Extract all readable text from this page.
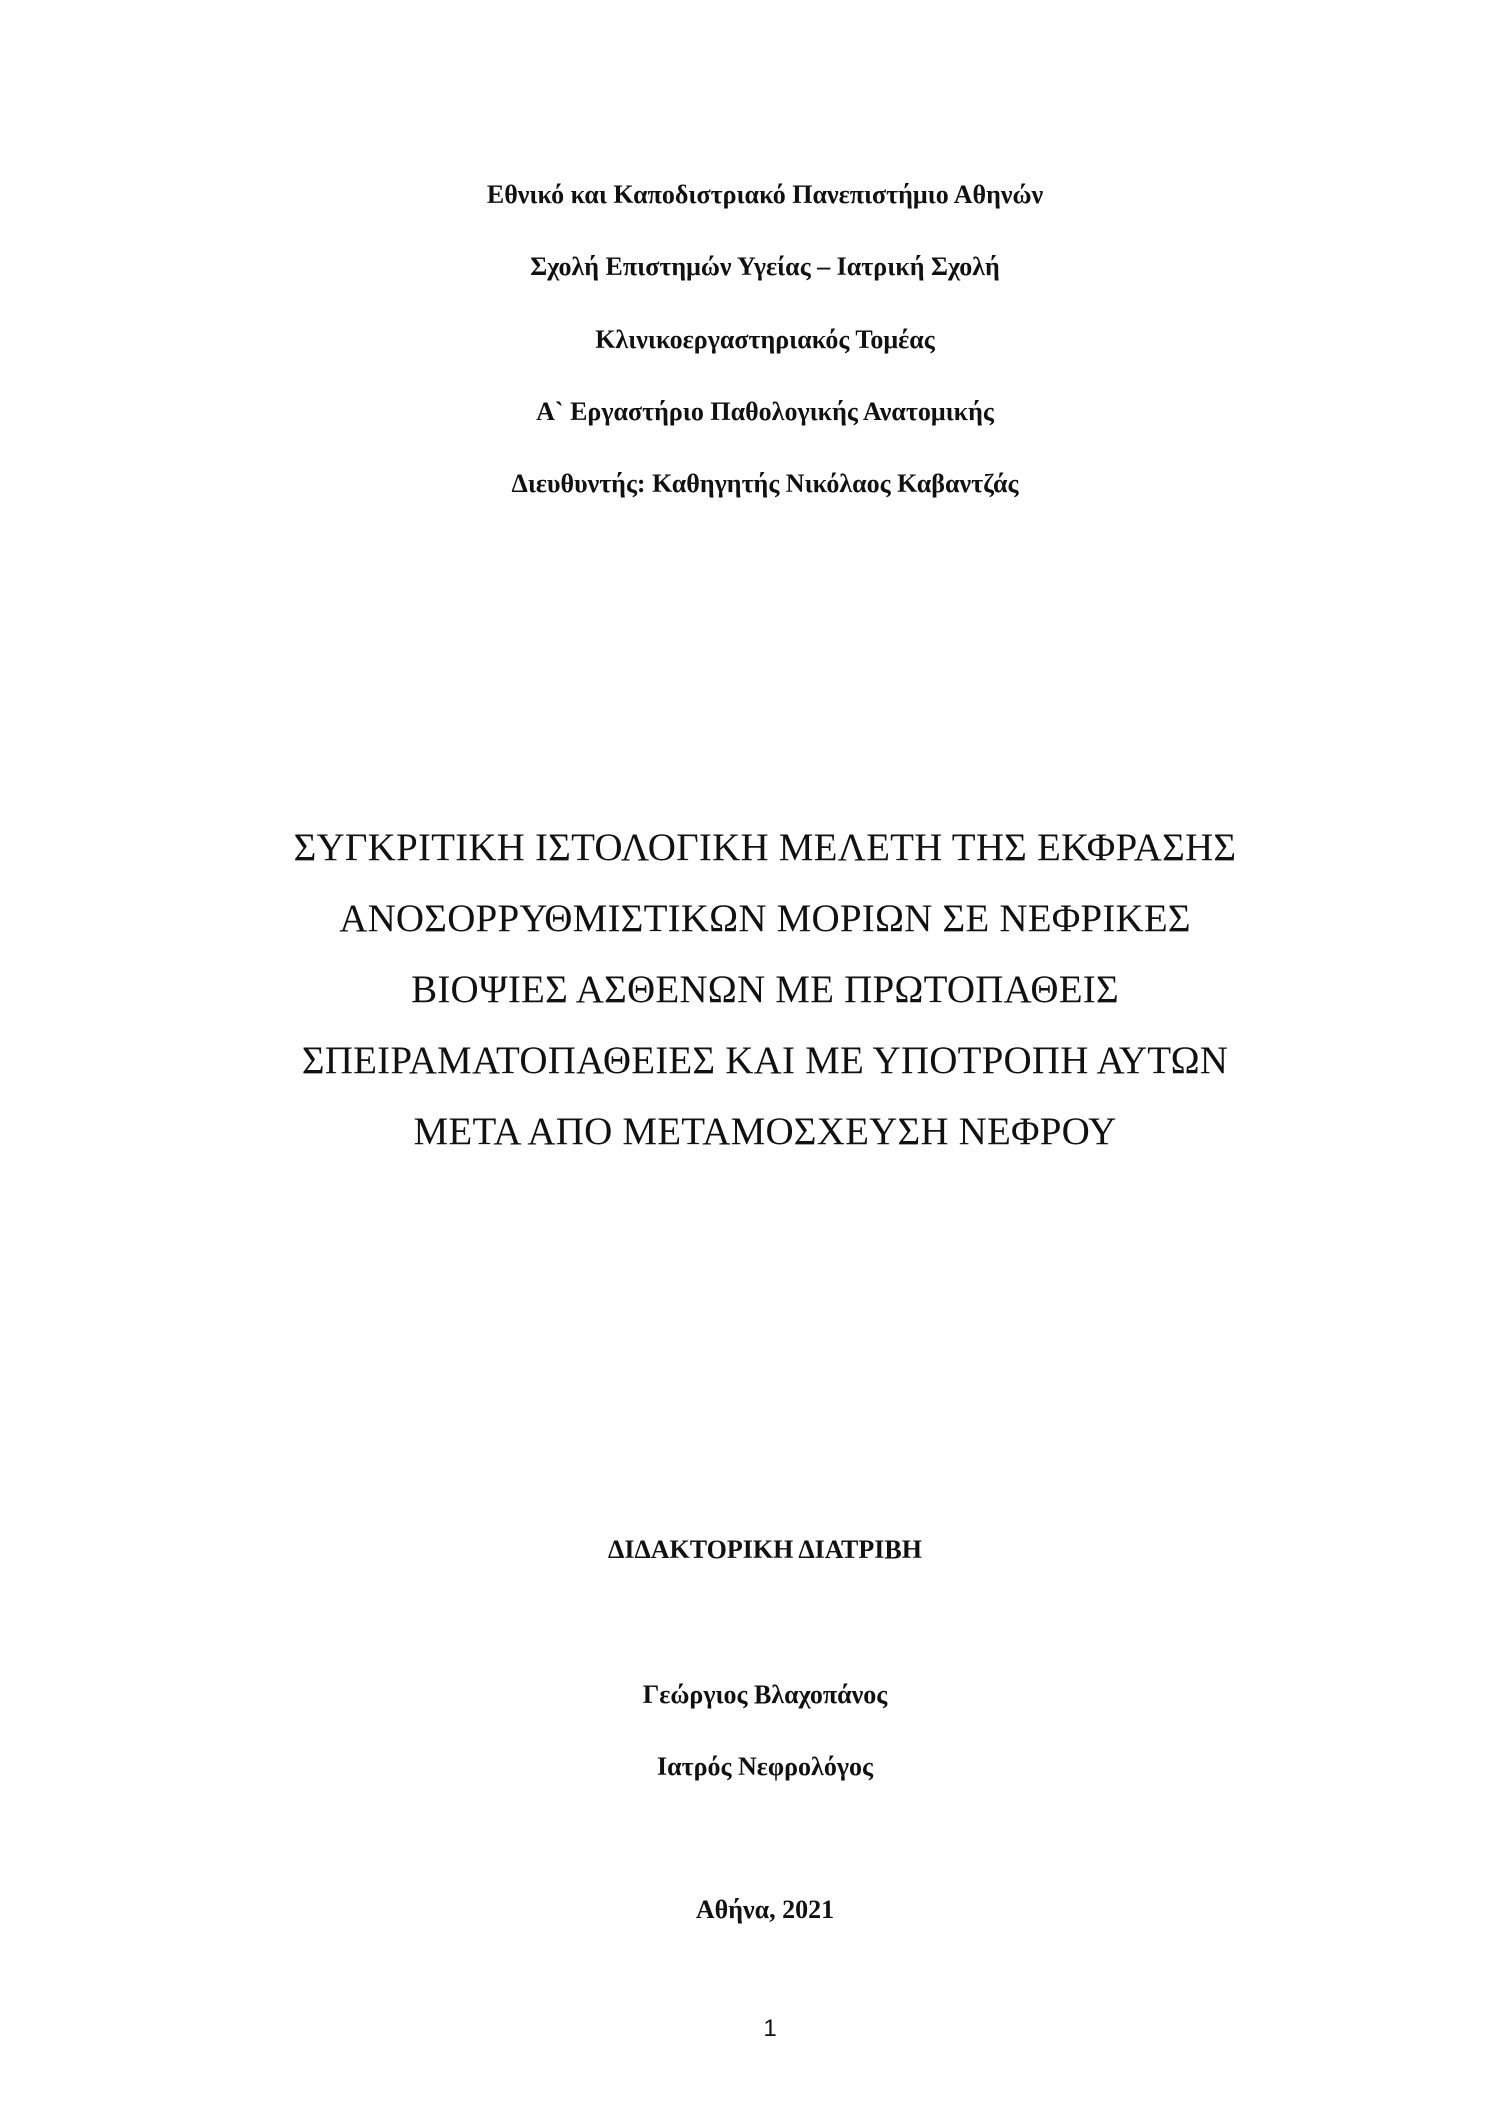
Εθνικό και Καποδιστριακό Πανεπιστήμιο Αθηνών
Σχολή Επιστημών Υγείας – Ιατρική Σχολή
Κλινικοεργαστηριακός Τομέας
Α` Εργαστήριο Παθολογικής Ανατομικής
Διευθυντής: Καθηγητής Νικόλαος Καβαντζάς
ΣΥΓΚΡΙΤΙΚΗ ΙΣΤΟΛΟΓΙΚΗ ΜΕΛΕΤΗ ΤΗΣ ΕΚΦΡΑΣΗΣ
ΑΝΟΣΟΡΡΥΘΜΙΣΤΙΚΩΝ ΜΟΡΙΩΝ ΣΕ ΝΕΦΡΙΚΕΣ
ΒΙΟΨΙΕΣ ΑΣΘΕΝΩΝ ΜΕ ΠΡΩΤΟΠΑΘΕΙΣ
ΣΠΕΙΡΑΜΑΤΟΠΑΘΕΙΕΣ ΚΑΙ ΜΕ ΥΠΟΤΡΟΠΗ ΑΥΤΩΝ
ΜΕΤΑ ΑΠΟ ΜΕΤΑΜΟΣΧΕΥΣΗ ΝΕΦΡΟΥ
ΔΙΔΑΚΤΟΡΙΚΗ ΔΙΑΤΡΙΒΗ
Γεώργιος Βλαχοπάνος
Ιατρός Νεφρολόγος
Αθήνα, 2021
1
